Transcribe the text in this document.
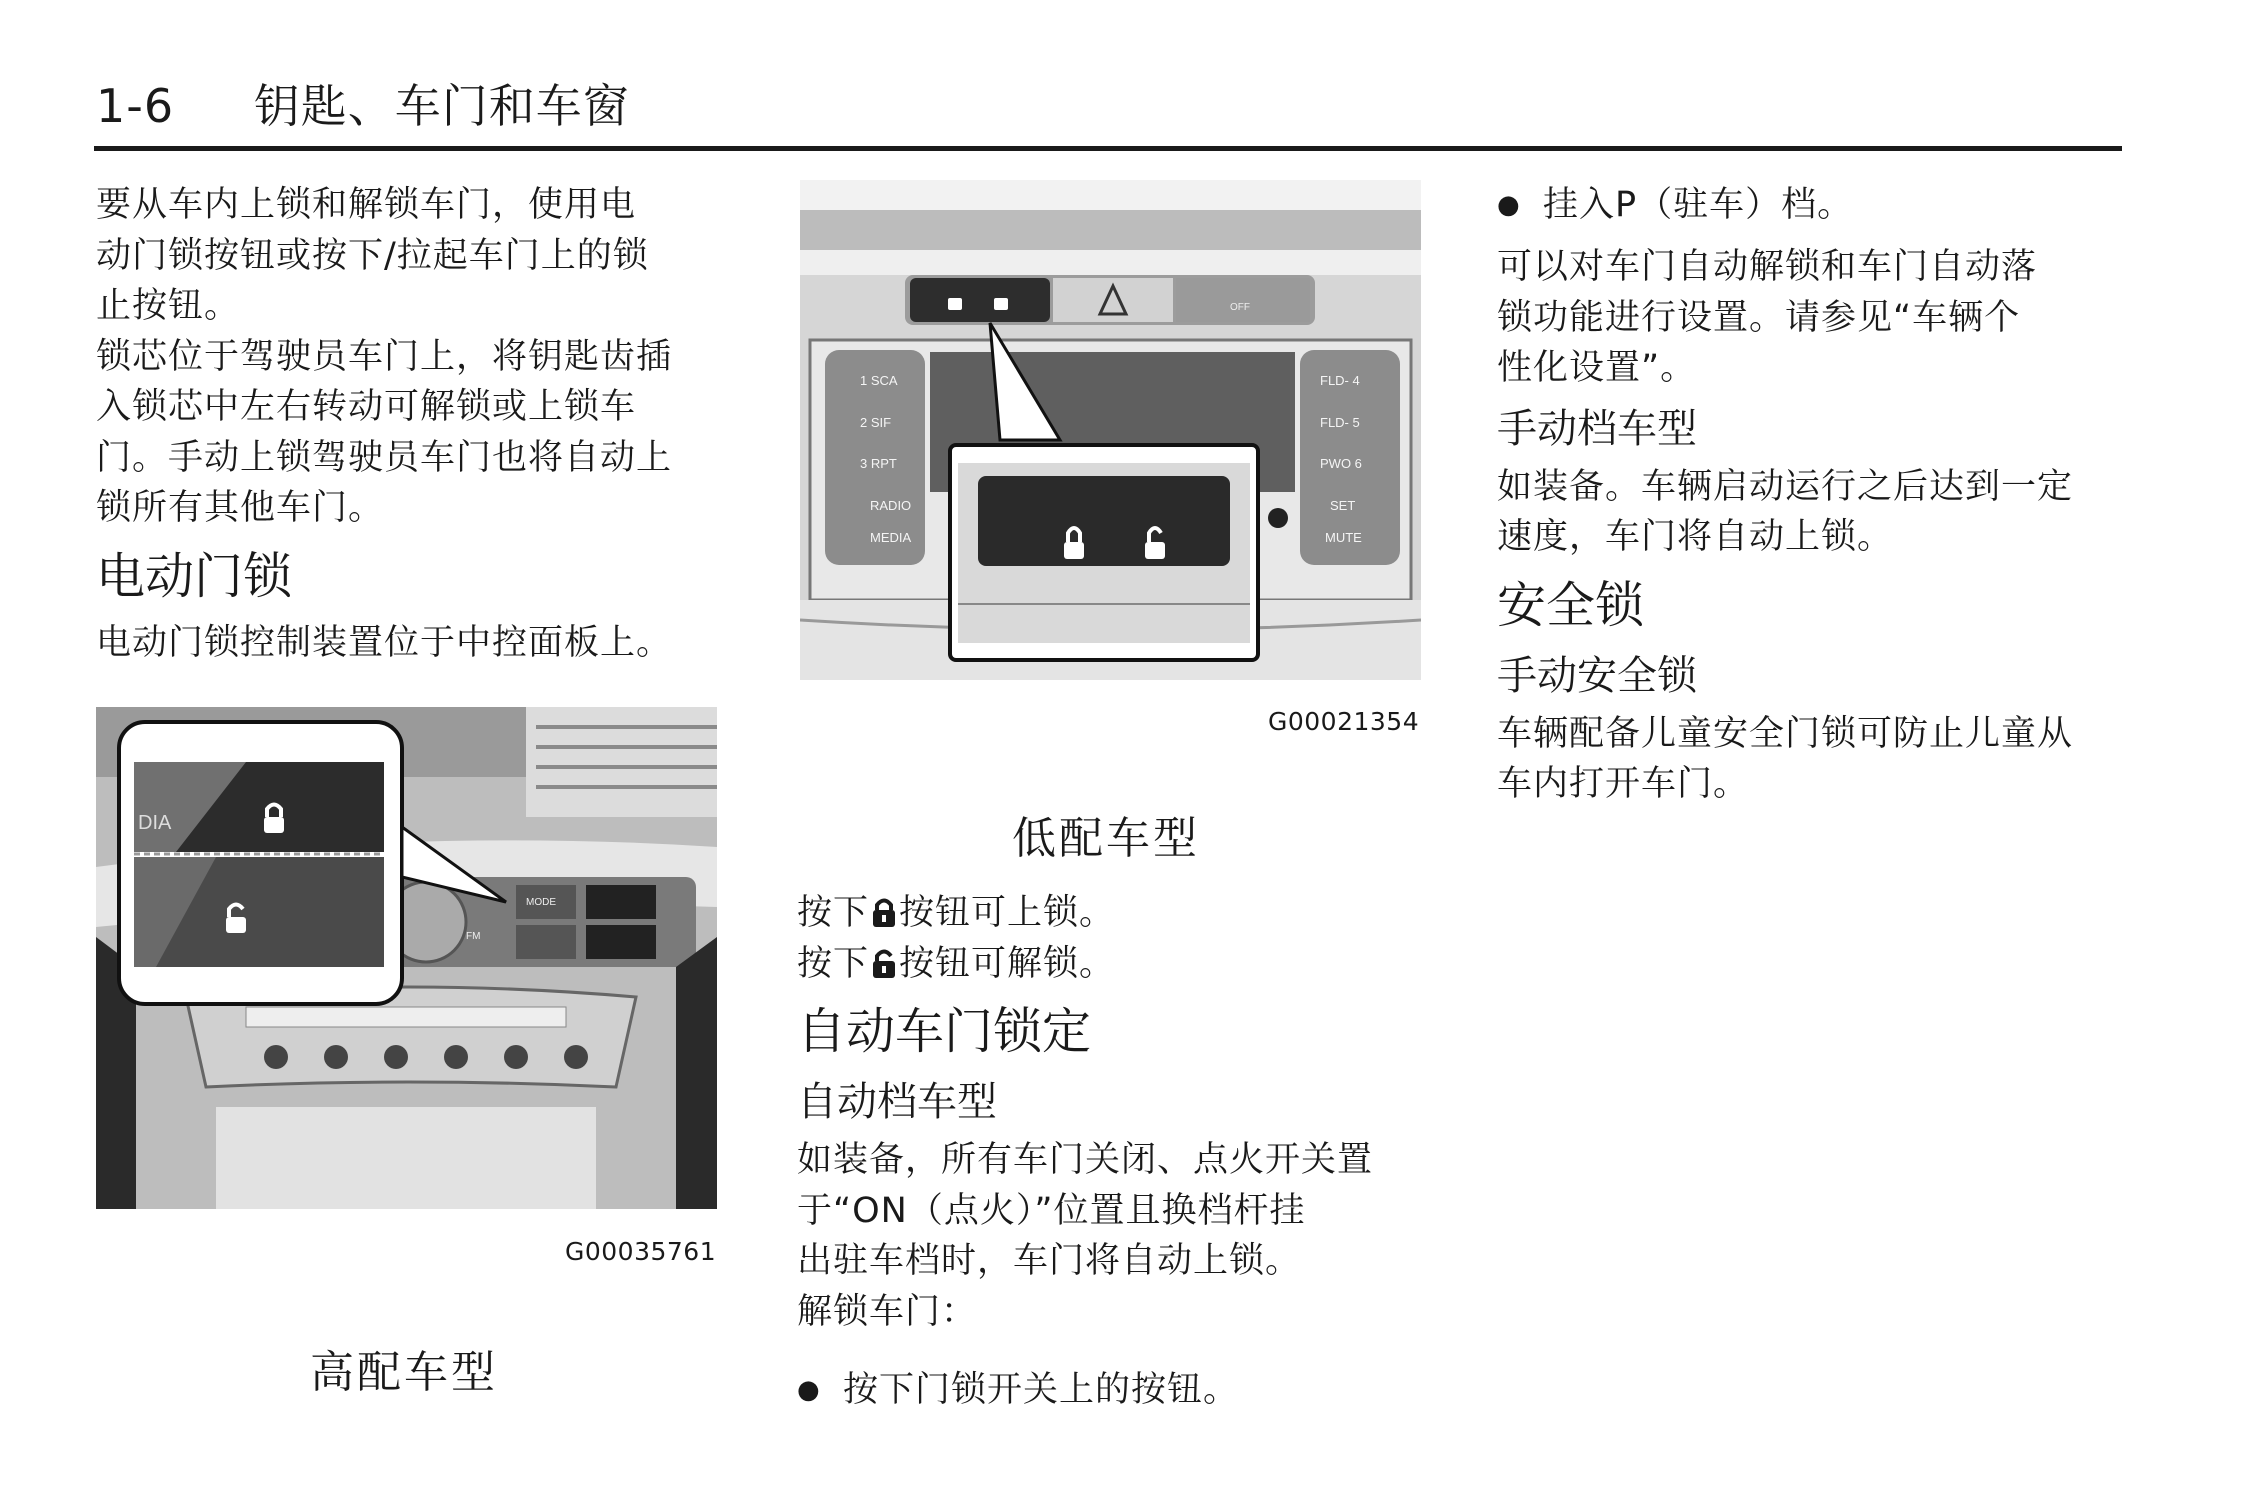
1-6 钥匙、车门和车窗
要从车内上锁和解锁车门，使用电
动门锁按钮或按下/拉起车门上的锁
止按钮。
锁芯位于驾驶员车门上，将钥匙齿插
入锁芯中左右转动可解锁或上锁车
门。手动上锁驾驶员车门也将自动上
锁所有其他车门。
电动门锁
电动门锁控制装置位于中控面板上。
DIA
MODE
FM
G00035761
高配车型
OFF
1 SCA
2 SIF
3 RPT
RADIO
MEDIA
FLD- 4
FLD- 5
PWO 6
SET
MUTE
G00021354
低配车型
按下 按钮可上锁。
按下 按钮可解锁。
自动车门锁定
自动档车型
如装备，所有车门关闭、点火开关置
于“ON（点火）”位置且换档杆挂
出驻车档时，车门将自动上锁。
解锁车门：
● 按下门锁开关上的按钮。
● 挂入P（驻车）档。
可以对车门自动解锁和车门自动落
锁功能进行设置。请参见“车辆个
性化设置”。
手动档车型
如装备。车辆启动运行之后达到一定
速度，车门将自动上锁。
安全锁
手动安全锁
车辆配备儿童安全门锁可防止儿童从
车内打开车门。
